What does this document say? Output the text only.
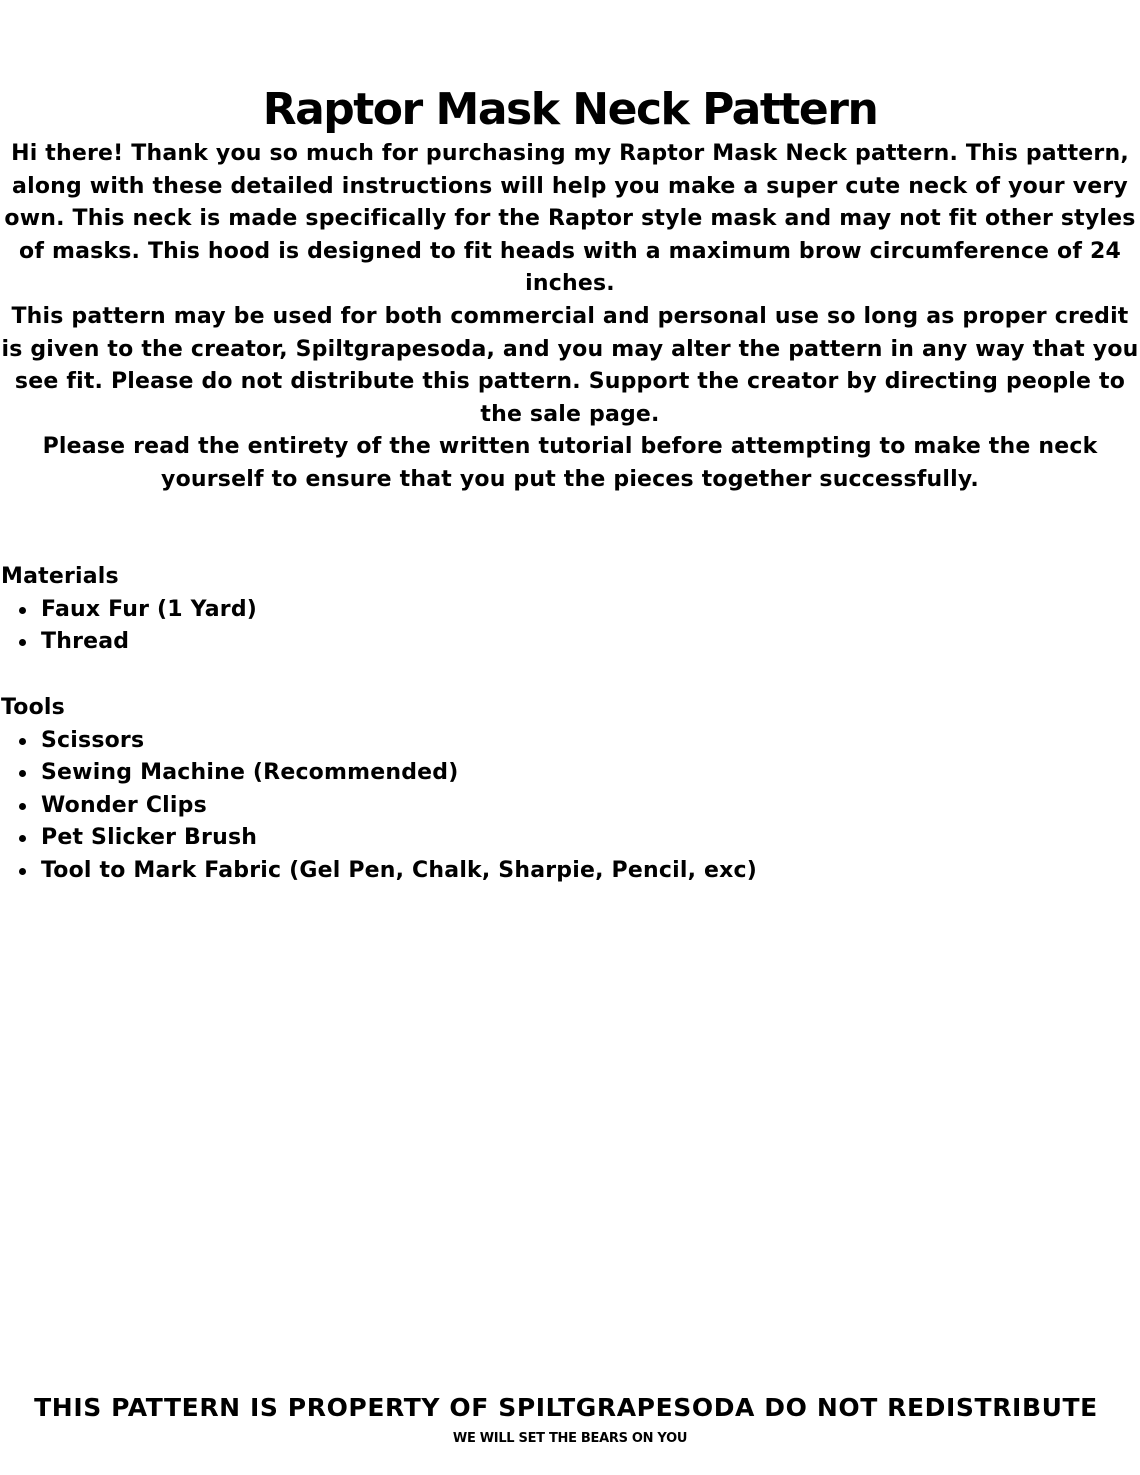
Raptor Mask Neck Pattern

Hi there! Thank you so much for purchasing my Raptor Mask Neck pattern. This pattern, along with these detailed instructions will help you make a super cute neck of your very own. This neck is made specifically for the Raptor style mask and may not fit other styles of masks. This hood is designed to fit heads with a maximum brow circumference of 24 inches.

This pattern may be used for both commercial and personal use so long as proper credit is given to the creator, Spiltgrapesoda, and you may alter the pattern in any way that you see fit. Please do not distribute this pattern. Support the creator by directing people to the sale page.

Please read the entirety of the written tutorial before attempting to make the neck yourself to ensure that you put the pieces together successfully.

Materials

Faux Fur (1 Yard)
Thread

Tools

Scissors
Sewing Machine (Recommended)
Wonder Clips
Pet Slicker Brush
Tool to Mark Fabric (Gel Pen, Chalk, Sharpie, Pencil, exc)
THIS PATTERN IS PROPERTY OF SPILTGRAPESODA DO NOT REDISTRIBUTE
WE WILL SET THE BEARS ON YOU
